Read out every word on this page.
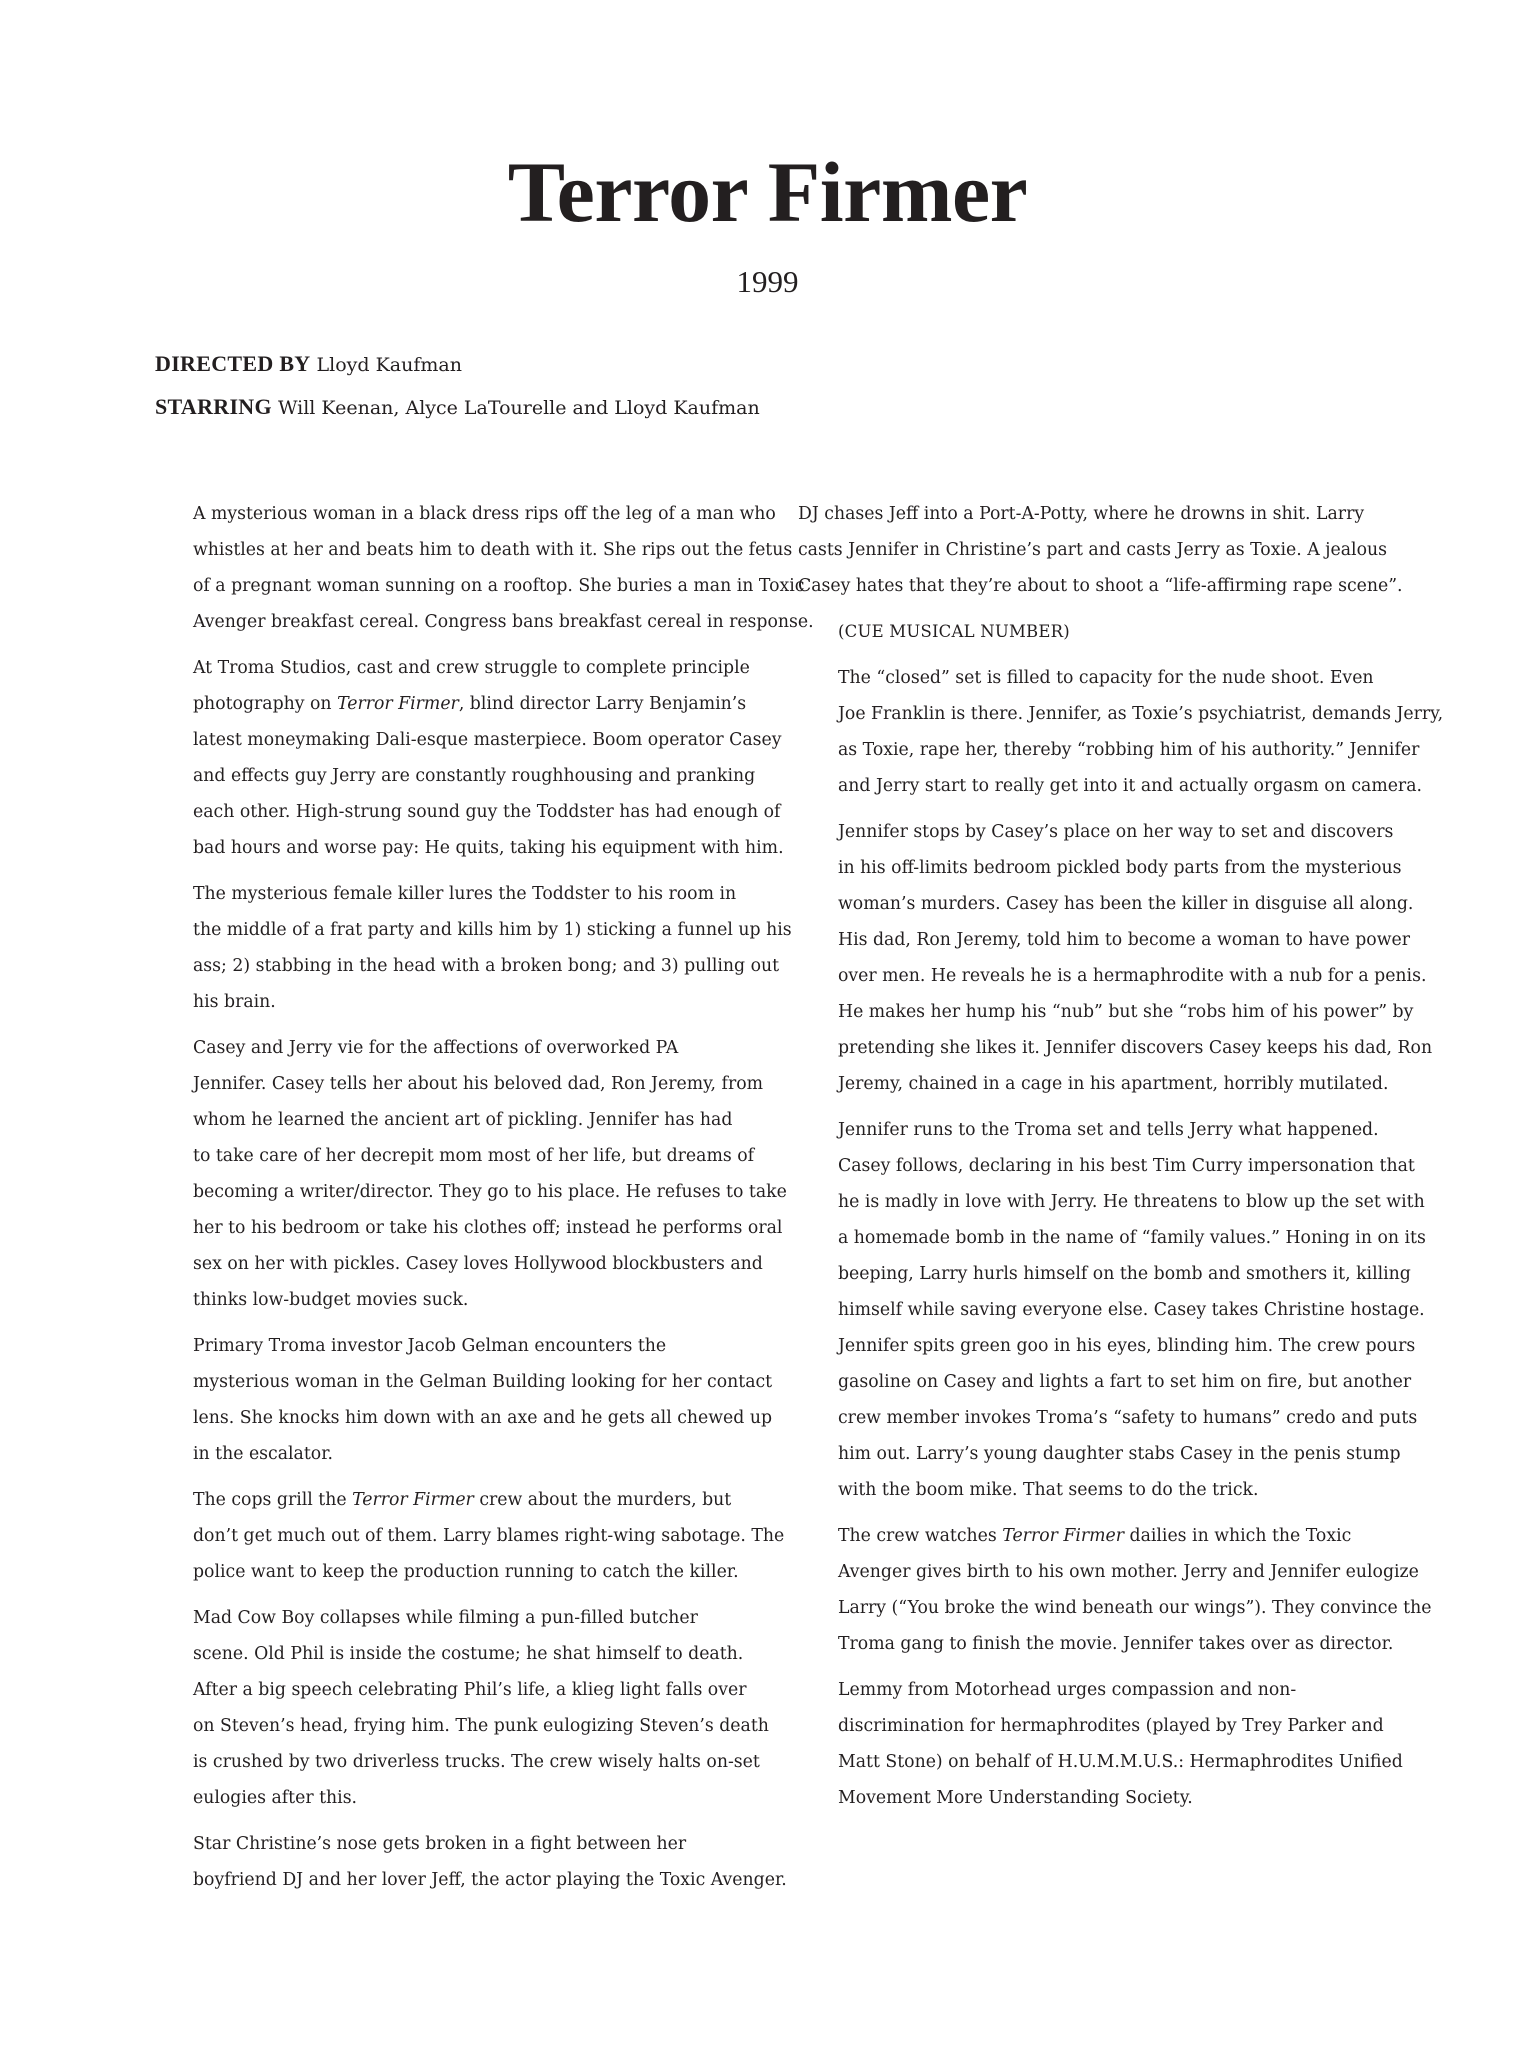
Terror Firmer
1999
DIRECTED BY Lloyd Kaufman
STARRING Will Keenan, Alyce LaTourelle and Lloyd Kaufman

A mysterious woman in a black dress rips off the leg of a man who
whistles at her and beats him to death with it. She rips out the fetus
of a pregnant woman sunning on a rooftop. She buries a man in Toxic
Avenger breakfast cereal. Congress bans breakfast cereal in response.

At Troma Studios, cast and crew struggle to complete principle
photography on Terror Firmer, blind director Larry Benjamin’s
latest moneymaking Dali-esque masterpiece. Boom operator Casey
and effects guy Jerry are constantly roughhousing and pranking
each other. High-strung sound guy the Toddster has had enough of
bad hours and worse pay: He quits, taking his equipment with him.

The mysterious female killer lures the Toddster to his room in
the middle of a frat party and kills him by 1) sticking a funnel up his
ass; 2) stabbing in the head with a broken bong; and 3) pulling out
his brain.

Casey and Jerry vie for the affections of overworked PA
Jennifer. Casey tells her about his beloved dad, Ron Jeremy, from
whom he learned the ancient art of pickling. Jennifer has had
to take care of her decrepit mom most of her life, but dreams of
becoming a writer/director. They go to his place. He refuses to take
her to his bedroom or take his clothes off; instead he performs oral
sex on her with pickles. Casey loves Hollywood blockbusters and
thinks low-budget movies suck.

Primary Troma investor Jacob Gelman encounters the
mysterious woman in the Gelman Building looking for her contact
lens. She knocks him down with an axe and he gets all chewed up
in the escalator.

The cops grill the Terror Firmer crew about the murders, but
don’t get much out of them. Larry blames right-wing sabotage. The
police want to keep the production running to catch the killer.

Mad Cow Boy collapses while filming a pun-filled butcher
scene. Old Phil is inside the costume; he shat himself to death.
After a big speech celebrating Phil’s life, a klieg light falls over
on Steven’s head, frying him. The punk eulogizing Steven’s death
is crushed by two driverless trucks. The crew wisely halts on-set
eulogies after this.

Star Christine’s nose gets broken in a fight between her
boyfriend DJ and her lover Jeff, the actor playing the Toxic Avenger.

DJ chases Jeff into a Port-A-Potty, where he drowns in shit. Larry
casts Jennifer in Christine’s part and casts Jerry as Toxie. A jealous
Casey hates that they’re about to shoot a “life-affirming rape scene”.

(CUE MUSICAL NUMBER)

The “closed” set is filled to capacity for the nude shoot. Even
Joe Franklin is there. Jennifer, as Toxie’s psychiatrist, demands Jerry,
as Toxie, rape her, thereby “robbing him of his authority.” Jennifer
and Jerry start to really get into it and actually orgasm on camera.

Jennifer stops by Casey’s place on her way to set and discovers
in his off-limits bedroom pickled body parts from the mysterious
woman’s murders. Casey has been the killer in disguise all along.
His dad, Ron Jeremy, told him to become a woman to have power
over men. He reveals he is a hermaphrodite with a nub for a penis.
He makes her hump his “nub” but she “robs him of his power” by
pretending she likes it. Jennifer discovers Casey keeps his dad, Ron
Jeremy, chained in a cage in his apartment, horribly mutilated.

Jennifer runs to the Troma set and tells Jerry what happened.
Casey follows, declaring in his best Tim Curry impersonation that
he is madly in love with Jerry. He threatens to blow up the set with
a homemade bomb in the name of “family values.” Honing in on its
beeping, Larry hurls himself on the bomb and smothers it, killing
himself while saving everyone else. Casey takes Christine hostage.
Jennifer spits green goo in his eyes, blinding him. The crew pours
gasoline on Casey and lights a fart to set him on fire, but another
crew member invokes Troma’s “safety to humans” credo and puts
him out. Larry’s young daughter stabs Casey in the penis stump
with the boom mike. That seems to do the trick.

The crew watches Terror Firmer dailies in which the Toxic
Avenger gives birth to his own mother. Jerry and Jennifer eulogize
Larry (“You broke the wind beneath our wings”). They convince the
Troma gang to finish the movie. Jennifer takes over as director.

Lemmy from Motorhead urges compassion and non-
discrimination for hermaphrodites (played by Trey Parker and
Matt Stone) on behalf of H.U.M.M.U.S.: Hermaphrodites Unified
Movement More Understanding Society.
